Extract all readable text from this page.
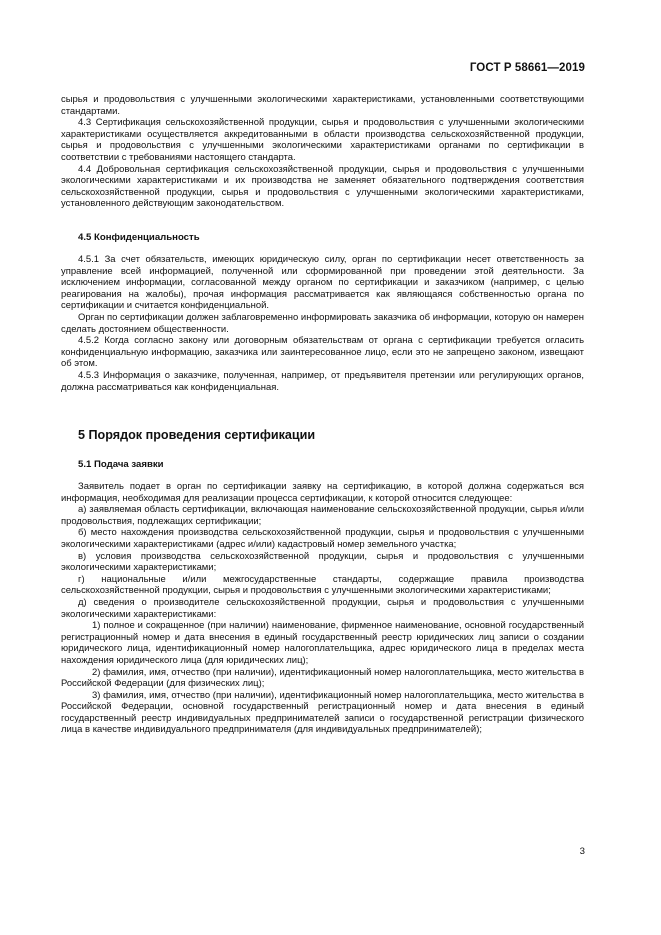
ГОСТ Р 58661—2019

сырья и продовольствия с улучшенными экологическими характеристиками, установленными соответствующими стандартами.

4.3 Сертификация сельскохозяйственной продукции, сырья и продовольствия с улучшенными экологическими характеристиками осуществляется аккредитованными в области производства сельскохозяйственной продукции, сырья и продовольствия с улучшенными экологическими характеристиками органами по сертификации в соответствии с требованиями настоящего стандарта.

4.4 Добровольная сертификация сельскохозяйственной продукции, сырья и продовольствия с улучшенными экологическими характеристиками и их производства не заменяет обязательного подтверждения соответствия сельскохозяйственной продукции, сырья и продовольствия с улучшенными экологическими характеристиками, установленного действующим законодательством.

4.5 Конфиденциальность

4.5.1 За счет обязательств, имеющих юридическую силу, орган по сертификации несет ответственность за управление всей информацией, полученной или сформированной при проведении этой деятельности. За исключением информации, согласованной между органом по сертификации и заказчиком (например, с целью реагирования на жалобы), прочая информация рассматривается как являющаяся собственностью органа по сертификации и считается конфиденциальной.

Орган по сертификации должен заблаговременно информировать заказчика об информации, которую он намерен сделать достоянием общественности.

4.5.2 Когда согласно закону или договорным обязательствам от органа с сертификации требуется огласить конфиденциальную информацию, заказчика или заинтересованное лицо, если это не запрещено законом, извещают об этом.

4.5.3 Информация о заказчике, полученная, например, от предъявителя претензии или регулирующих органов, должна рассматриваться как конфиденциальная.

5 Порядок проведения сертификации
5.1 Подача заявки

Заявитель подает в орган по сертификации заявку на сертификацию, в которой должна содержаться вся информация, необходимая для реализации процесса сертификации, к которой относится следующее:

а) заявляемая область сертификации, включающая наименование сельскохозяйственной продукции, сырья и/или продовольствия, подлежащих сертификации;

б) место нахождения производства сельскохозяйственной продукции, сырья и продовольствия с улучшенными экологическими характеристиками (адрес и/или) кадастровый номер земельного участка;

в) условия производства сельскохозяйственной продукции, сырья и продовольствия с улучшенными экологическими характеристиками;

г) национальные и/или межгосударственные стандарты, содержащие правила производства сельскохозяйственной продукции, сырья и продовольствия с улучшенными экологическими характеристиками;

д) сведения о производителе сельскохозяйственной продукции, сырья и продовольствия с улучшенными экологическими характеристиками:

1) полное и сокращенное (при наличии) наименование, фирменное наименование, основной государственный регистрационный номер и дата внесения в единый государственный реестр юридических лиц записи о создании юридического лица, идентификационный номер налогоплательщика, адрес юридического лица в пределах места нахождения юридического лица (для юридических лиц);

2) фамилия, имя, отчество (при наличии), идентификационный номер налогоплательщика, место жительства в Российской Федерации (для физических лиц);

3) фамилия, имя, отчество (при наличии), идентификационный номер налогоплательщика, место жительства в Российской Федерации, основной государственный регистрационный номер и дата внесения в единый государственный реестр индивидуальных предпринимателей записи о государственной регистрации физического лица в качестве индивидуального предпринимателя (для индивидуальных предпринимателей);

3
